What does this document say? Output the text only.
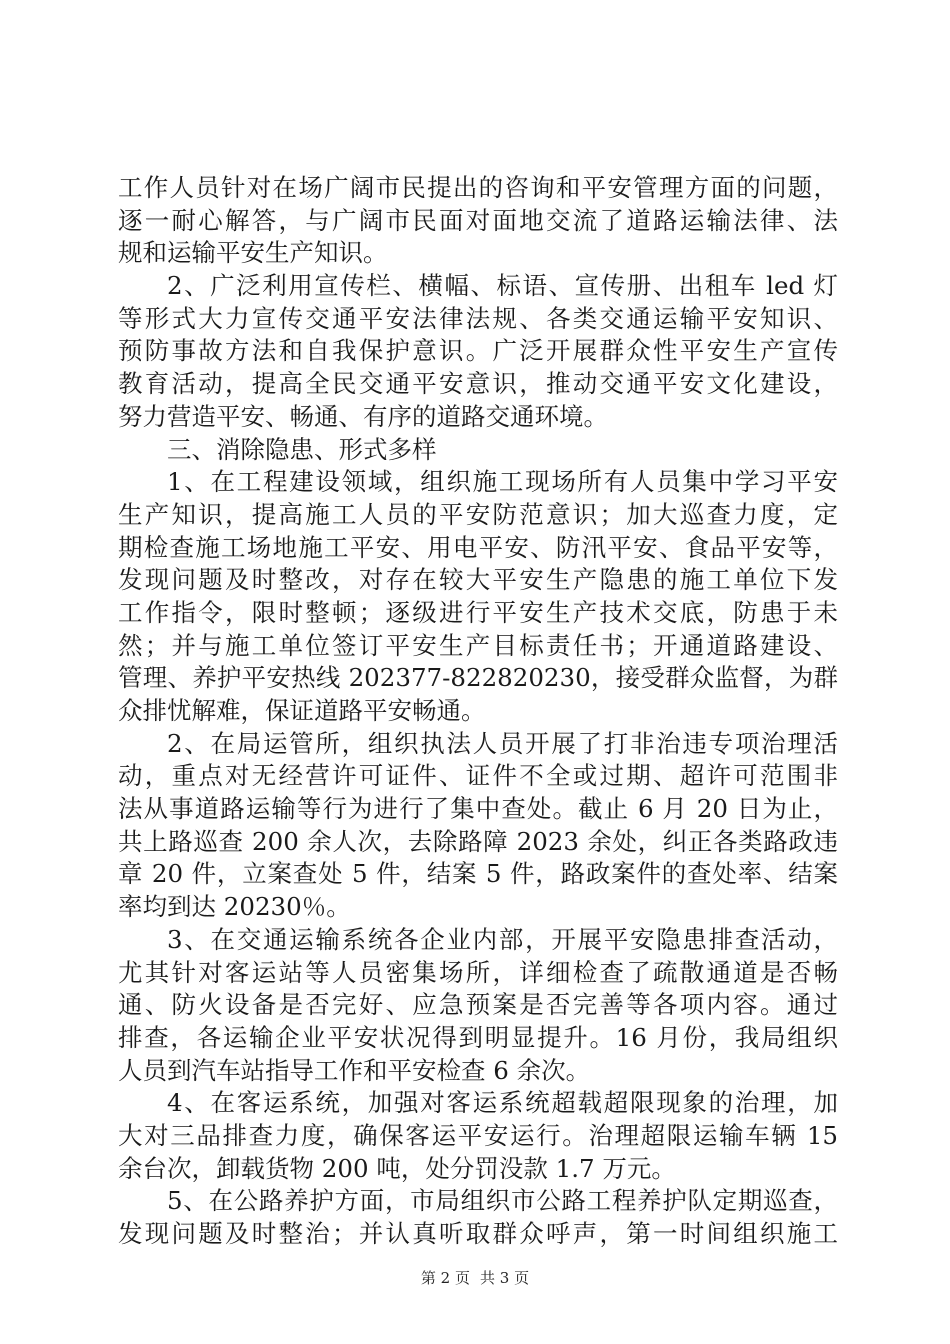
工作人员针对在场广阔市民提出的咨询和平安管理方面的问题，
逐一耐心解答，与广阔市民面对面地交流了道路运输法律、法
规和运输平安生产知识。
2、广泛利用宣传栏、横幅、标语、宣传册、出租车 led 灯
等形式大力宣传交通平安法律法规、各类交通运输平安知识、
预防事故方法和自我保护意识。广泛开展群众性平安生产宣传
教育活动，提高全民交通平安意识，推动交通平安文化建设，
努力营造平安、畅通、有序的道路交通环境。
三、消除隐患、形式多样
1、在工程建设领域，组织施工现场所有人员集中学习平安
生产知识，提高施工人员的平安防范意识；加大巡查力度，定
期检查施工场地施工平安、用电平安、防汛平安、食品平安等，
发现问题及时整改，对存在较大平安生产隐患的施工单位下发
工作指令，限时整顿；逐级进行平安生产技术交底，防患于未
然；并与施工单位签订平安生产目标责任书；开通道路建设、
管理、养护平安热线 202377-822820230，接受群众监督，为群
众排忧解难，保证道路平安畅通。
2、在局运管所，组织执法人员开展了打非治违专项治理活
动，重点对无经营许可证件、证件不全或过期、超许可范围非
法从事道路运输等行为进行了集中查处。截止 6 月 20 日为止，
共上路巡查 200 余人次，去除路障 2023 余处，纠正各类路政违
章 20 件，立案查处 5 件，结案 5 件，路政案件的查处率、结案
率均到达 20230％。
3、在交通运输系统各企业内部，开展平安隐患排查活动，
尤其针对客运站等人员密集场所，详细检查了疏散通道是否畅
通、防火设备是否完好、应急预案是否完善等各项内容。通过
排查，各运输企业平安状况得到明显提升。16 月份，我局组织
人员到汽车站指导工作和平安检查 6 余次。
4、在客运系统，加强对客运系统超载超限现象的治理，加
大对三品排查力度，确保客运平安运行。治理超限运输车辆 15
余台次，卸载货物 200 吨，处分罚没款 1.7 万元。
5、在公路养护方面，市局组织市公路工程养护队定期巡查，
发现问题及时整治；并认真听取群众呼声，第一时间组织施工
第 2 页 共 3 页
